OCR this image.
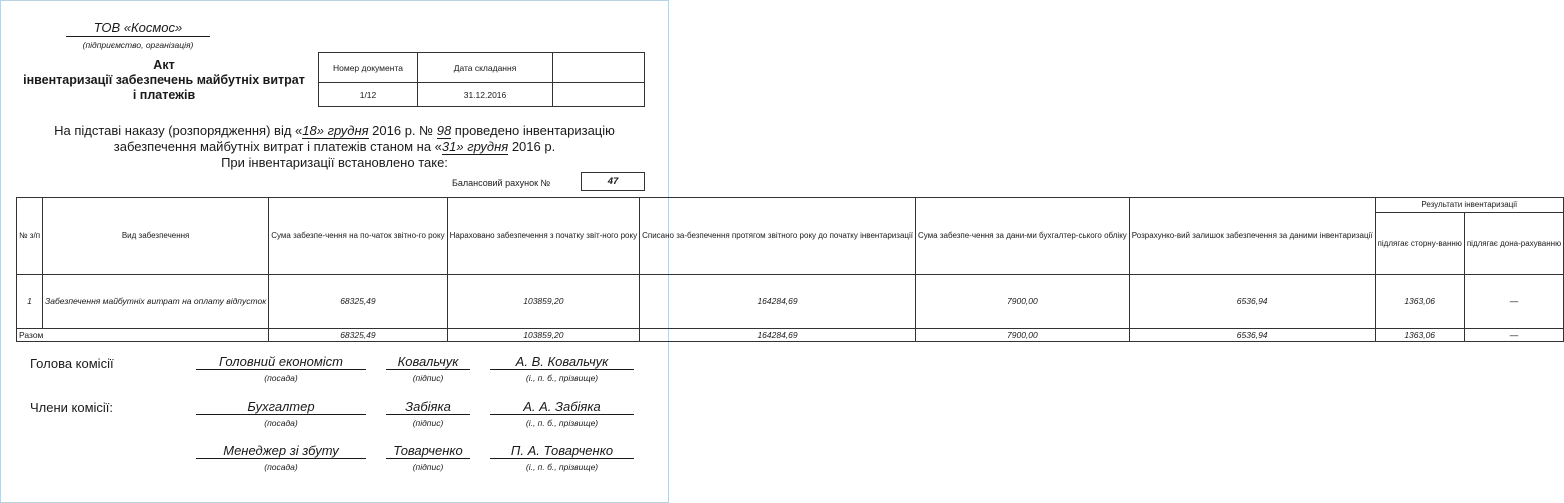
ТОВ «Космос»
(підприємство, організація)
Акт
інвентаризації забезпечень майбутніх витрат
і платежів
Номер документа	Дата складання	
1/12	31.12.2016	
На підставі наказу (розпорядження) від «18» грудня 2016 р. № 98 проведено інвентаризацію
забезпечення майбутніх витрат і платежів станом на «31» грудня 2016 р.
При інвентаризації встановлено таке:
Балансовий рахунок №	47
№ з/п	Вид забезпечення	Сума забезпе-чення на по-чаток звітно-го року	Нараховано забезпечення з початку звіт-ного року	Списано за-безпечення протягом звітного року до початку інвентаризації	Сума забезпе-чення за дани-ми бухгалтер-ського обліку	Розрахунко-вий залишок забезпечення за даними інвентаризації	Результати інвентаризації	
							підлягає сторну-ванню	підлягає дона-рахуванню
1	Забезпечення майбутніх витрат на оплату відпусток	68325,49	103859,20	164284,69	7900,00	6536,94	1363,06	—
Разом		68325,49	103859,20	164284,69	7900,00	6536,94	1363,06	—
Голова комісії
Члени комісії:
Головний економіст	Ковальчук	А. В. Ковальчук
(посада)	(підпис)	(і., п. б., прізвище)
Бухгалтер	Забіяка	А. А. Забіяка
(посада)	(підпис)	(і., п. б., прізвище)
Менеджер зі збуту	Товарченко	П. А. Товарченко
(посада)	(підпис)	(і., п. б., прізвище)
